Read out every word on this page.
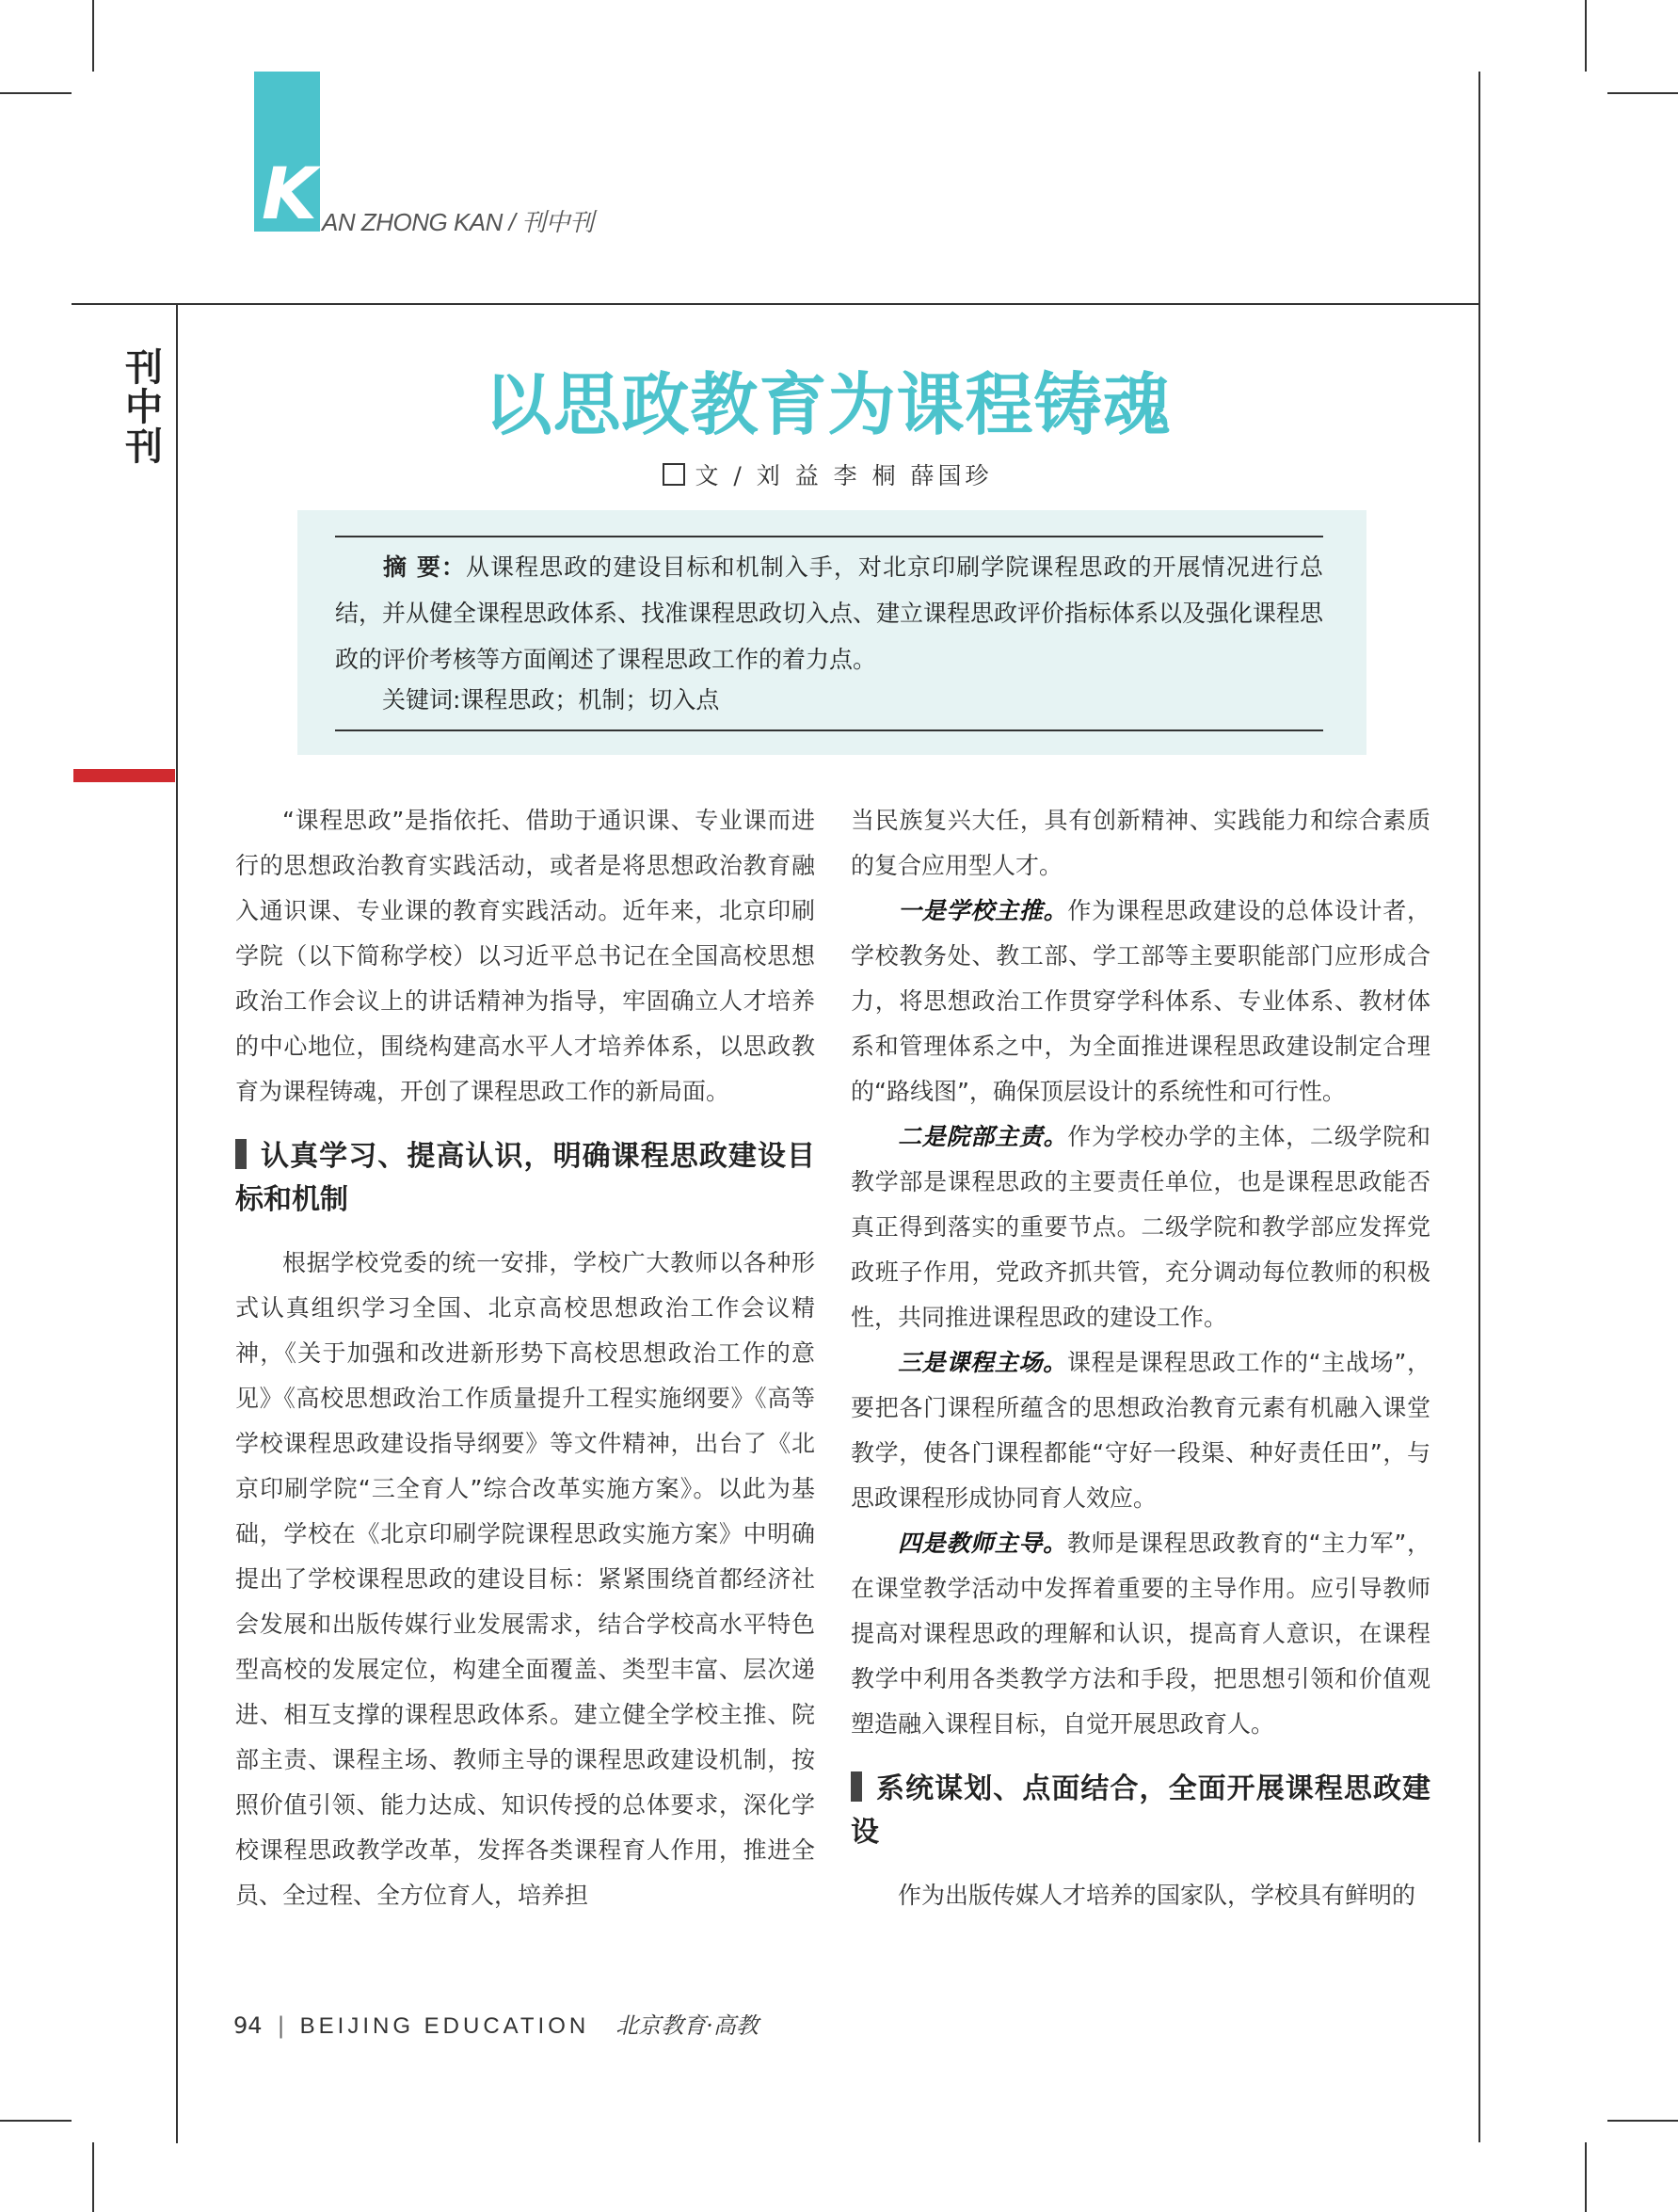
K AN ZHONG KAN / 刊中刊
刊中刊
以思政教育为课程铸魂
文 / 刘 益 李 桐 薛国珍
摘 要：从课程思政的建设目标和机制入手，对北京印刷学院课程思政的开展情况进行总结，并从健全课程思政体系、找准课程思政切入点、建立课程思政评价指标体系以及强化课程思政的评价考核等方面阐述了课程思政工作的着力点。
关键词:课程思政；机制；切入点

“课程思政”是指依托、借助于通识课、专业课而进行的思想政治教育实践活动，或者是将思想政治教育融入通识课、专业课的教育实践活动。近年来，北京印刷学院（以下简称学校）以习近平总书记在全国高校思想政治工作会议上的讲话精神为指导，牢固确立人才培养的中心地位，围绕构建高水平人才培养体系，以思政教育为课程铸魂，开创了课程思政工作的新局面。

认真学习、提高认识，明确课程思政建设目标和机制

根据学校党委的统一安排，学校广大教师以各种形式认真组织学习全国、北京高校思想政治工作会议精神，《关于加强和改进新形势下高校思想政治工作的意见》《高校思想政治工作质量提升工程实施纲要》《高等学校课程思政建设指导纲要》等文件精神，出台了《北京印刷学院“三全育人”综合改革实施方案》。以此为基础，学校在《北京印刷学院课程思政实施方案》中明确提出了学校课程思政的建设目标：紧紧围绕首都经济社会发展和出版传媒行业发展需求，结合学校高水平特色型高校的发展定位，构建全面覆盖、类型丰富、层次递进、相互支撑的课程思政体系。建立健全学校主推、院部主责、课程主场、教师主导的课程思政建设机制，按照价值引领、能力达成、知识传授的总体要求，深化学校课程思政教学改革，发挥各类课程育人作用，推进全员、全过程、全方位育人，培养担

当民族复兴大任，具有创新精神、实践能力和综合素质的复合应用型人才。

一是学校主推。作为课程思政建设的总体设计者，学校教务处、教工部、学工部等主要职能部门应形成合力，将思想政治工作贯穿学科体系、专业体系、教材体系和管理体系之中，为全面推进课程思政建设制定合理的“路线图”，确保顶层设计的系统性和可行性。

二是院部主责。作为学校办学的主体，二级学院和教学部是课程思政的主要责任单位，也是课程思政能否真正得到落实的重要节点。二级学院和教学部应发挥党政班子作用，党政齐抓共管，充分调动每位教师的积极性，共同推进课程思政的建设工作。

三是课程主场。课程是课程思政工作的“主战场”，要把各门课程所蕴含的思想政治教育元素有机融入课堂教学，使各门课程都能“守好一段渠、种好责任田”，与思政课程形成协同育人效应。

四是教师主导。教师是课程思政教育的“主力军”，在课堂教学活动中发挥着重要的主导作用。应引导教师提高对课程思政的理解和认识，提高育人意识，在课程教学中利用各类教学方法和手段，把思想引领和价值观塑造融入课程目标，自觉开展思政育人。

系统谋划、点面结合，全面开展课程思政建设

作为出版传媒人才培养的国家队，学校具有鲜明的

94 | BEIJING EDUCATION 北京教育·高教
